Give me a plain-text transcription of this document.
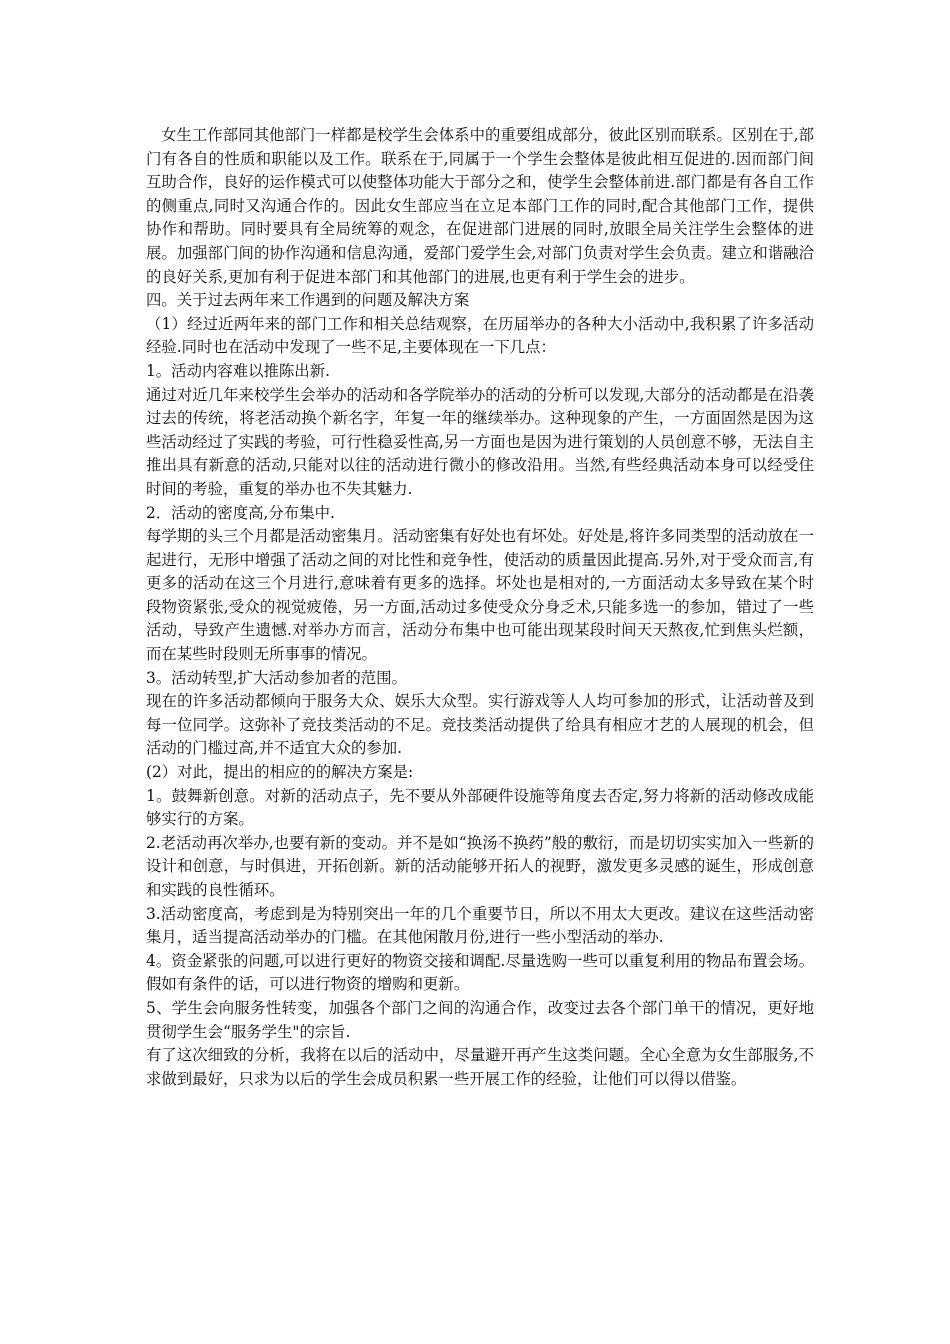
女生工作部同其他部门一样都是校学生会体系中的重要组成部分，彼此区别而联系。区别在于,部门有各自的性质和职能以及工作。联系在于,同属于一个学生会整体是彼此相互促进的.因而部门间互助合作，良好的运作模式可以使整体功能大于部分之和，使学生会整体前进.部门都是有各自工作的侧重点,同时又沟通合作的。因此女生部应当在立足本部门工作的同时,配合其他部门工作，提供协作和帮助。同时要具有全局统筹的观念，在促进部门进展的同时,放眼全局关注学生会整体的进展。加强部门间的协作沟通和信息沟通，爱部门爱学生会,对部门负责对学生会负责。建立和谐融洽的良好关系,更加有利于促进本部门和其他部门的进展,也更有利于学生会的进步。

四。关于过去两年来工作遇到的问题及解决方案

（1）经过近两年来的部门工作和相关总结观察，在历届举办的各种大小活动中,我积累了许多活动经验.同时也在活动中发现了一些不足,主要体现在一下几点：

1。活动内容难以推陈出新.

通过对近几年来校学生会举办的活动和各学院举办的活动的分析可以发现,大部分的活动都是在沿袭过去的传统，将老活动换个新名字，年复一年的继续举办。这种现象的产生，一方面固然是因为这些活动经过了实践的考验，可行性稳妥性高,另一方面也是因为进行策划的人员创意不够，无法自主推出具有新意的活动,只能对以往的活动进行微小的修改沿用。当然,有些经典活动本身可以经受住时间的考验，重复的举办也不失其魅力.

2．活动的密度高,分布集中.

每学期的头三个月都是活动密集月。活动密集有好处也有坏处。好处是,将许多同类型的活动放在一起进行，无形中增强了活动之间的对比性和竞争性，使活动的质量因此提高.另外,对于受众而言,有更多的活动在这三个月进行,意味着有更多的选择。坏处也是相对的,一方面活动太多导致在某个时段物资紧张,受众的视觉疲倦，另一方面,活动过多使受众分身乏术,只能多选一的参加，错过了一些活动，导致产生遗憾.对举办方而言，活动分布集中也可能出现某段时间天天熬夜,忙到焦头烂额，而在某些时段则无所事事的情况。

3。活动转型,扩大活动参加者的范围。

现在的许多活动都倾向于服务大众、娱乐大众型。实行游戏等人人均可参加的形式，让活动普及到每一位同学。这弥补了竞技类活动的不足。竞技类活动提供了给具有相应才艺的人展现的机会，但活动的门槛过高,并不适宜大众的参加.

(2）对此，提出的相应的的解决方案是:

1。鼓舞新创意。对新的活动点子，先不要从外部硬件设施等角度去否定,努力将新的活动修改成能够实行的方案。

2.老活动再次举办,也要有新的变动。并不是如“换汤不换药”般的敷衍，而是切切实实加入一些新的设计和创意，与时俱进，开拓创新。新的活动能够开拓人的视野，激发更多灵感的诞生，形成创意和实践的良性循环。

3.活动密度高，考虑到是为特别突出一年的几个重要节日，所以不用太大更改。建议在这些活动密集月，适当提高活动举办的门槛。在其他闲散月份,进行一些小型活动的举办.

4。资金紧张的问题,可以进行更好的物资交接和调配.尽量选购一些可以重复利用的物品布置会场。假如有条件的话，可以进行物资的增购和更新。

5、学生会向服务性转变，加强各个部门之间的沟通合作，改变过去各个部门单干的情况，更好地贯彻学生会“服务学生"的宗旨.

有了这次细致的分析，我将在以后的活动中，尽量避开再产生这类问题。全心全意为女生部服务,不求做到最好，只求为以后的学生会成员积累一些开展工作的经验，让他们可以得以借鉴。
